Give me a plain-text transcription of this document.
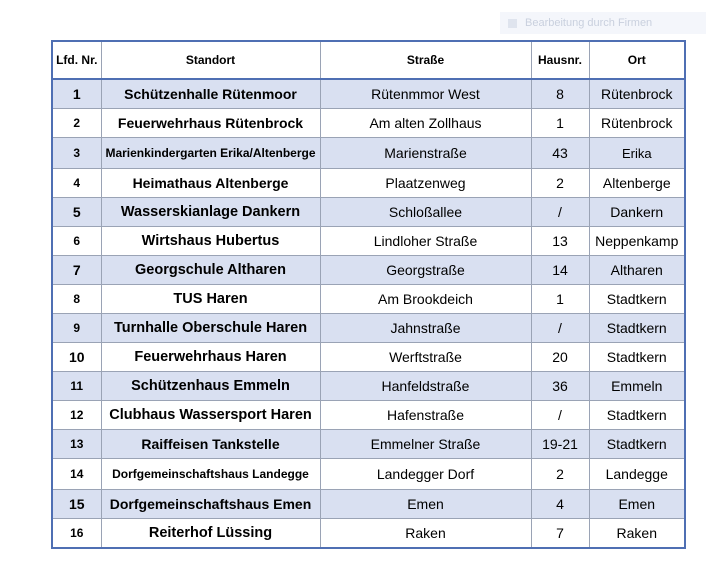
Bearbeitung durch Firmen
Lfd. Nr.	Standort	Straße	Hausnr.	Ort
1	Schützenhalle Rütenmoor	Rütenmmor West	8	Rütenbrock
2	Feuerwehrhaus Rütenbrock	Am alten Zollhaus	1	Rütenbrock
3	Marienkindergarten Erika/Altenberge	Marienstraße	43	Erika
4	Heimathaus Altenberge	Plaatzenweg	2	Altenberge
5	Wasserskianlage Dankern	Schloßallee	/	Dankern
6	Wirtshaus Hubertus	Lindloher Straße	13	Neppenkamp
7	Georgschule Altharen	Georgstraße	14	Altharen
8	TUS Haren	Am Brookdeich	1	Stadtkern
9	Turnhalle Oberschule Haren	Jahnstraße	/	Stadtkern
10	Feuerwehrhaus Haren	Werftstraße	20	Stadtkern
11	Schützenhaus Emmeln	Hanfeldstraße	36	Emmeln
12	Clubhaus Wassersport Haren	Hafenstraße	/	Stadtkern
13	Raiffeisen Tankstelle	Emmelner Straße	19-21	Stadtkern
14	Dorfgemeinschaftshaus Landegge	Landegger Dorf	2	Landegge
15	Dorfgemeinschaftshaus Emen	Emen	4	Emen
16	Reiterhof Lüssing	Raken	7	Raken
